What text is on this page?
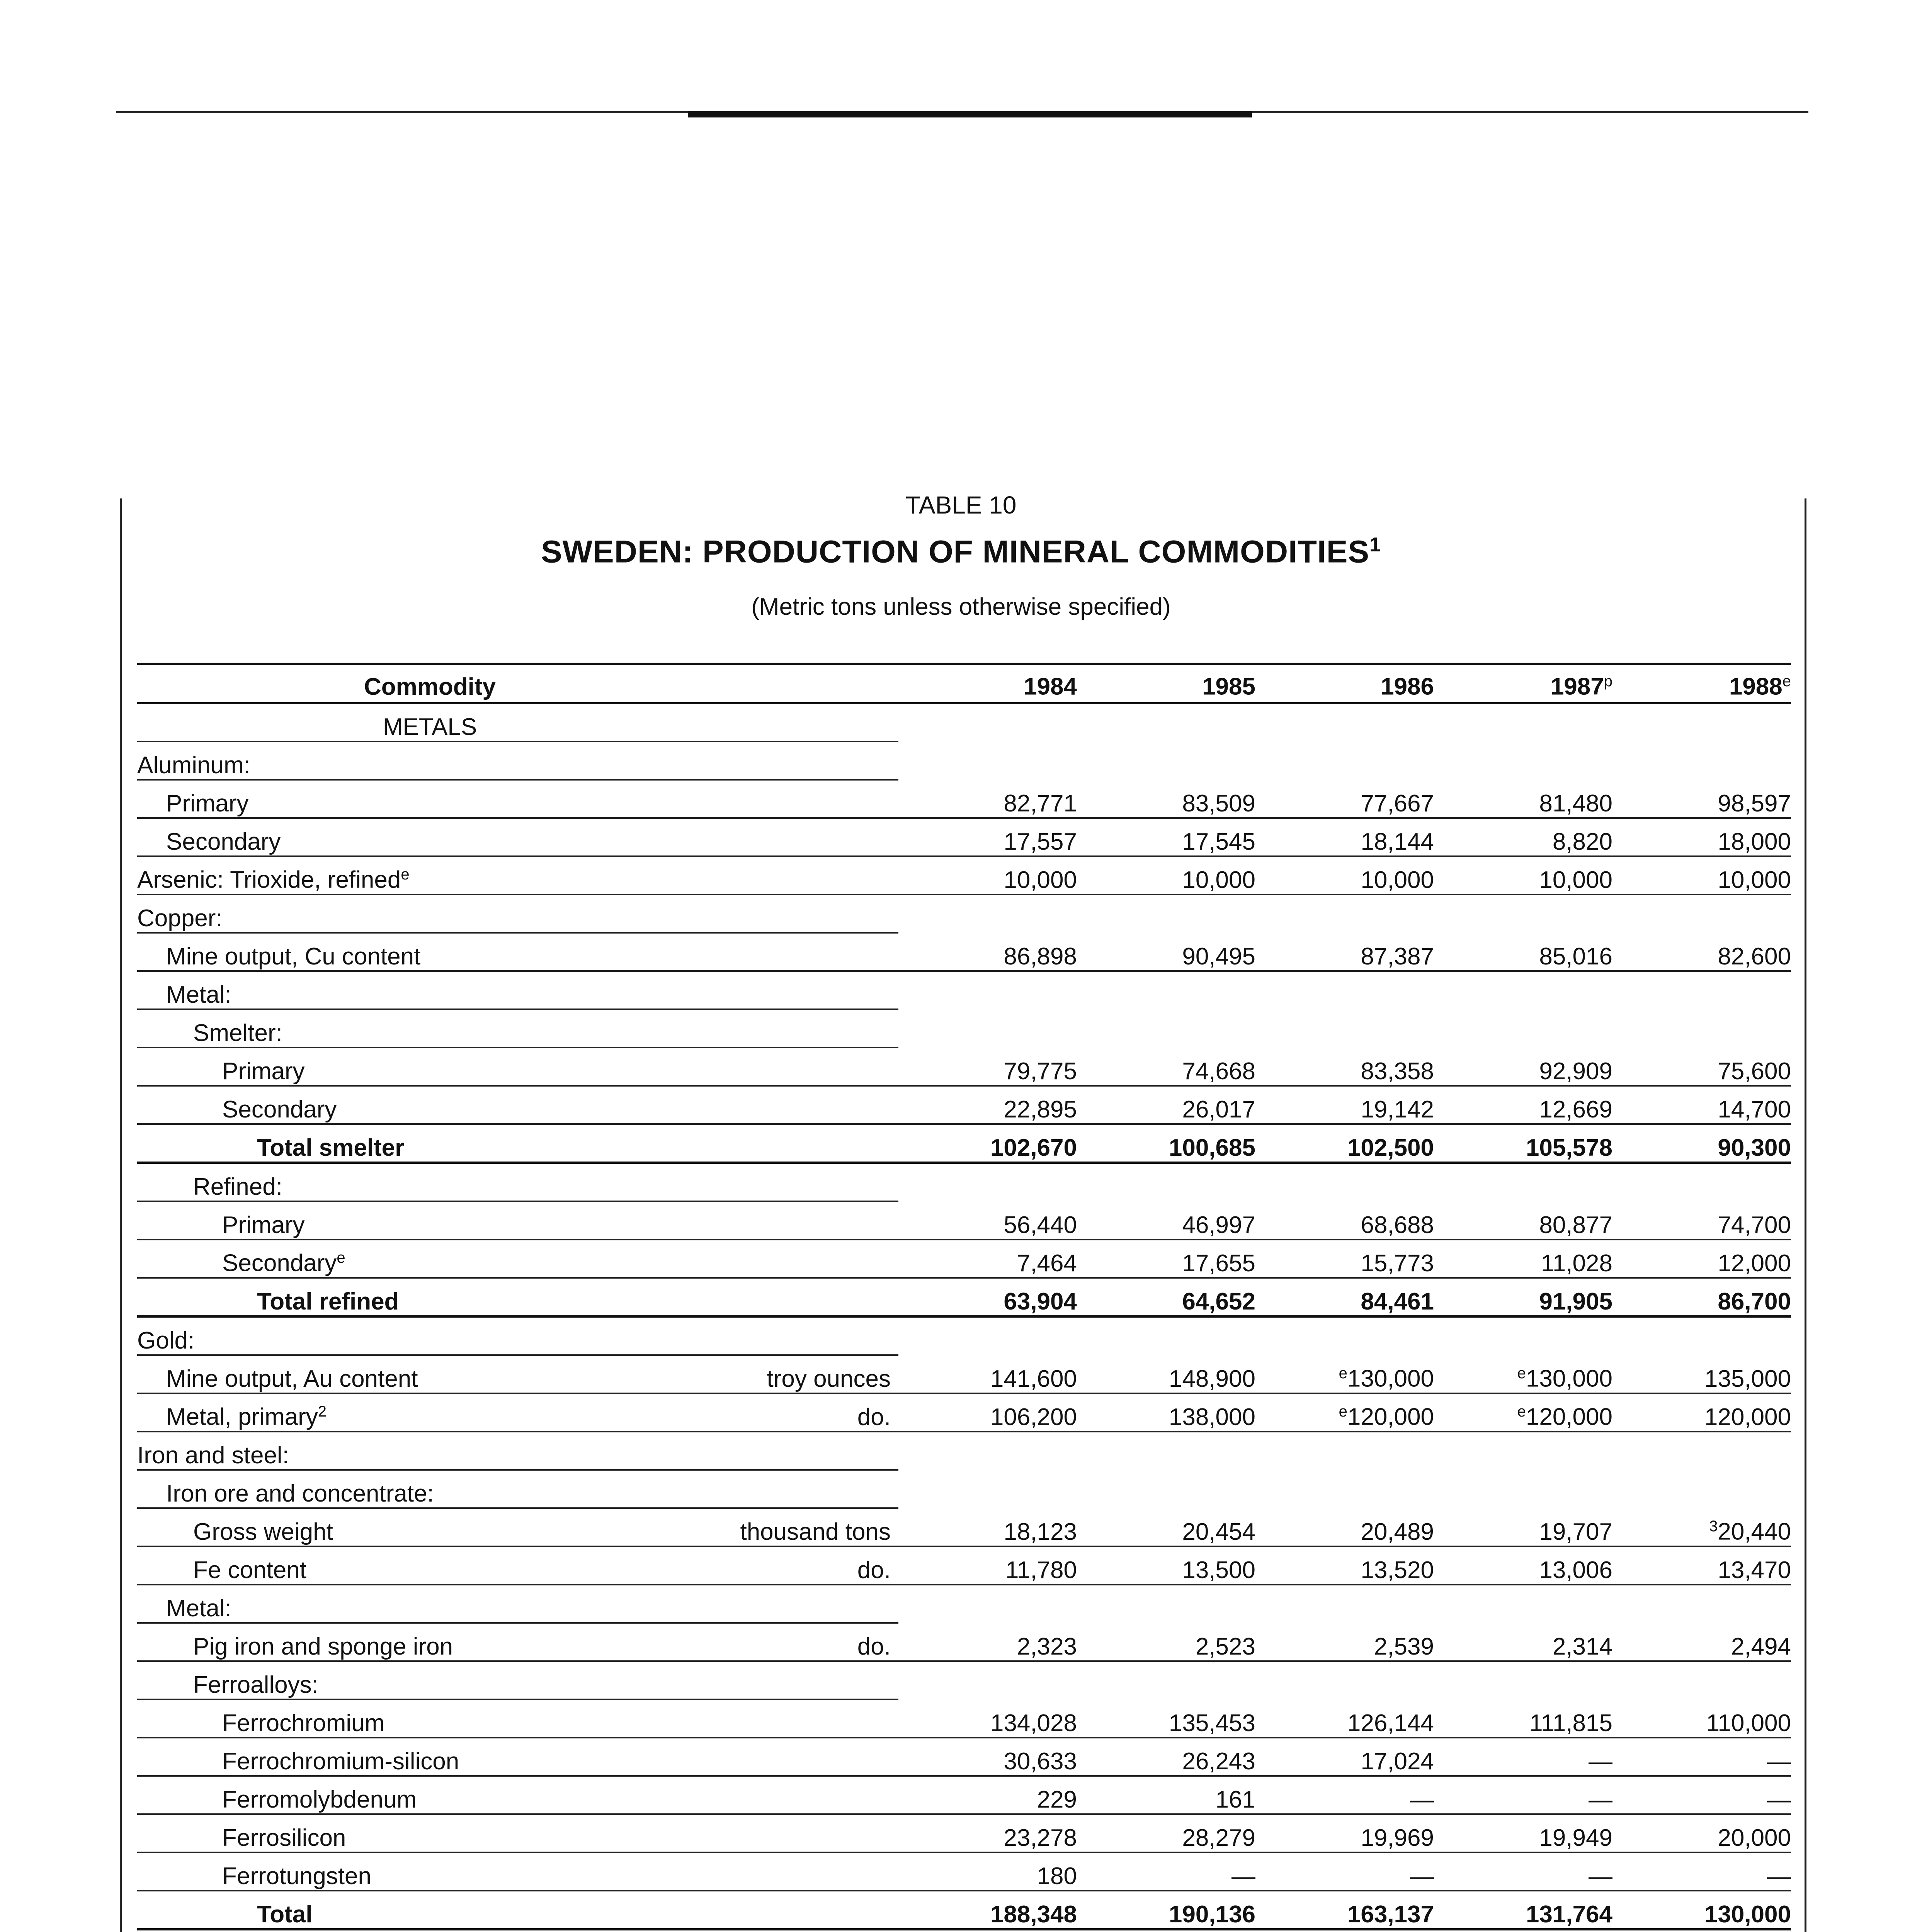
TABLE 10
SWEDEN: PRODUCTION OF MINERAL COMMODITIES$^1$
(Metric tons unless otherwise specified)
Commodity		1984	1985	1986	1987$^p$	1988e
METALS						
Aluminum:						
Primary		82,771	83,509	77,667	81,480	98,597
Secondary		17,557	17,545	18,144	8,820	18,000
Arsenic: Trioxide, refined$^e$		10,000	10,000	10,000	10,000	10,000
Copper:						
Mine output, Cu content		86,898	90,495	87,387	85,016	82,600
Metal:						
Smelter:						
Primary		79,775	74,668	83,358	92,909	75,600
Secondary		22,895	26,017	19,142	12,669	14,700
Total smelter		102,670	100,685	102,500	105,578	90,300
Refined:						
Primary		56,440	46,997	68,688	80,877	74,700
Secondary$^e$		7,464	17,655	15,773	11,028	12,000
Total refined		63,904	64,652	84,461	91,905	86,700
Gold:						
Mine output, Au content	troy ounces	141,600	148,900	$^e$130,000	$^e$130,000	135,000
Metal, primary$^2$	do.	106,200	138,000	$^e$120,000	$^e$120,000	120,000
Iron and steel:						
Iron ore and concentrate:						
Gross weight	thousand tons	18,123	20,454	20,489	19,707	$^3$20,440
Fe content	do.	11,780	13,500	13,520	13,006	13,470
Metal:						
Pig iron and sponge iron	do.	2,323	2,523	2,539	2,314	2,494
Ferroalloys:						
Ferrochromium		134,028	135,453	126,144	111,815	110,000
Ferrochromium-silicon		30,633	26,243	17,024	—	—
Ferromolybdenum		229	161	—	—	—
Ferrosilicon		23,278	28,279	19,969	19,949	20,000
Ferrotungsten		180	—	—	—	—
Total		188,348	190,136	163,137	131,764	130,000
